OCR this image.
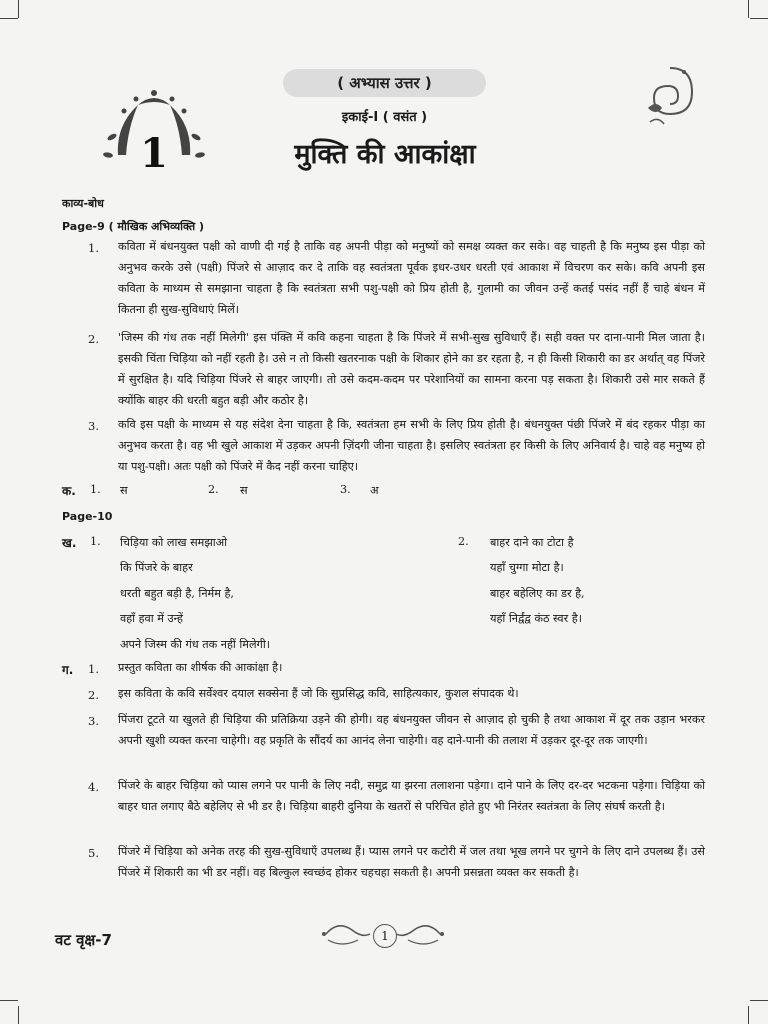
1
( अभ्यास उत्तर )
इकाई-I ( वसंत )
मुक्ति की आकांक्षा
काव्य-बोध
Page-9 ( मौखिक अभिव्यक्ति )
1. कविता में बंधनयुक्त पक्षी को वाणी दी गई है ताकि वह अपनी पीड़ा को मनुष्यों को समक्ष व्यक्त कर सके। वह चाहती है कि मनुष्य इस पीड़ा को अनुभव करके उसे (पक्षी) पिंजरे से आज़ाद कर दे ताकि वह स्वतंत्रता पूर्वक इधर-उधर धरती एवं आकाश में विचरण कर सके। कवि अपनी इस कविता के माध्यम से समझाना चाहता है कि स्वतंत्रता सभी पशु-पक्षी को प्रिय होती है, गुलामी का जीवन उन्हें कतई पसंद नहीं हैं चाहे बंधन में कितना ही सुख-सुविधाएं मिलें।
2. 'जिस्म की गंध तक नहीं मिलेगी' इस पंक्ति में कवि कहना चाहता है कि पिंजरे में सभी-सुख सुविधाएँ हैं। सही वक्त पर दाना-पानी मिल जाता है। इसकी चिंता चिड़िया को नहीं रहती है। उसे न तो किसी खतरनाक पक्षी के शिकार होने का डर रहता है, न ही किसी शिकारी का डर अर्थात् वह पिंजरे में सुरक्षित है। यदि चिड़िया पिंजरे से बाहर जाएगी। तो उसे कदम-कदम पर परेशानियों का सामना करना पड़ सकता है। शिकारी उसे मार सकते हैं क्योंकि बाहर की धरती बहुत बड़ी और कठोर है।
3. कवि इस पक्षी के माध्यम से यह संदेश देना चाहता है कि, स्वतंत्रता हम सभी के लिए प्रिय होती है। बंधनयुक्त पंछी पिंजरे में बंद रहकर पीड़ा का अनुभव करता है। वह भी खुले आकाश में उड़कर अपनी ज़िंदगी जीना चाहता है। इसलिए स्वतंत्रता हर किसी के लिए अनिवार्य है। चाहे वह मनुष्य हो या पशु-पक्षी। अतः पक्षी को पिंजरे में कैद नहीं करना चाहिए।
क. 1. स	2. स	3. अ
Page-10
ख. 1. चिड़िया को लाख समझाओ
कि पिंजरे के बाहर
धरती बहुत बड़ी है, निर्मम है,
वहाँ हवा में उन्हें
अपने जिस्म की गंध तक नहीं मिलेगी।
2. बाहर दाने का टोटा है
यहाँ चुग्गा मोटा है।
बाहर बहेलिए का डर है,
यहाँ निर्द्वंद्व कंठ स्वर है।
ग. 1. प्रस्तुत कविता का शीर्षक की आकांक्षा है।
2. इस कविता के कवि सर्वेश्वर दयाल सक्सेना हैं जो कि सुप्रसिद्ध कवि, साहित्यकार, कुशल संपादक थे।
3. पिंजरा टूटते या खुलते ही चिड़िया की प्रतिक्रिया उड़ने की होगी। वह बंधनयुक्त जीवन से आज़ाद हो चुकी है तथा आकाश में दूर तक उड़ान भरकर अपनी खुशी व्यक्त करना चाहेगी। वह प्रकृति के सौंदर्य का आनंद लेना चाहेगी। वह दाने-पानी की तलाश में उड़कर दूर-दूर तक जाएगी।
4. पिंजरे के बाहर चिड़िया को प्यास लगने पर पानी के लिए नदी, समुद्र या झरना तलाशना पड़ेगा। दाने पाने के लिए दर-दर भटकना पड़ेगा। चिड़िया को बाहर घात लगाए बैठे बहेलिए से भी डर है। चिड़िया बाहरी दुनिया के खतरों से परिचित होते हुए भी निरंतर स्वतंत्रता के लिए संघर्ष करती है।
5. पिंजरे में चिड़िया को अनेक तरह की सुख-सुविधाएँ उपलब्ध हैं। प्यास लगने पर कटोरी में जल तथा भूख लगने पर चुगने के लिए दाने उपलब्ध हैं। उसे पिंजरे में शिकारी का भी डर नहीं। वह बिल्कुल स्वच्छंद होकर चहचहा सकती है। अपनी प्रसन्नता व्यक्त कर सकती है।
वट वृक्ष-7	1
